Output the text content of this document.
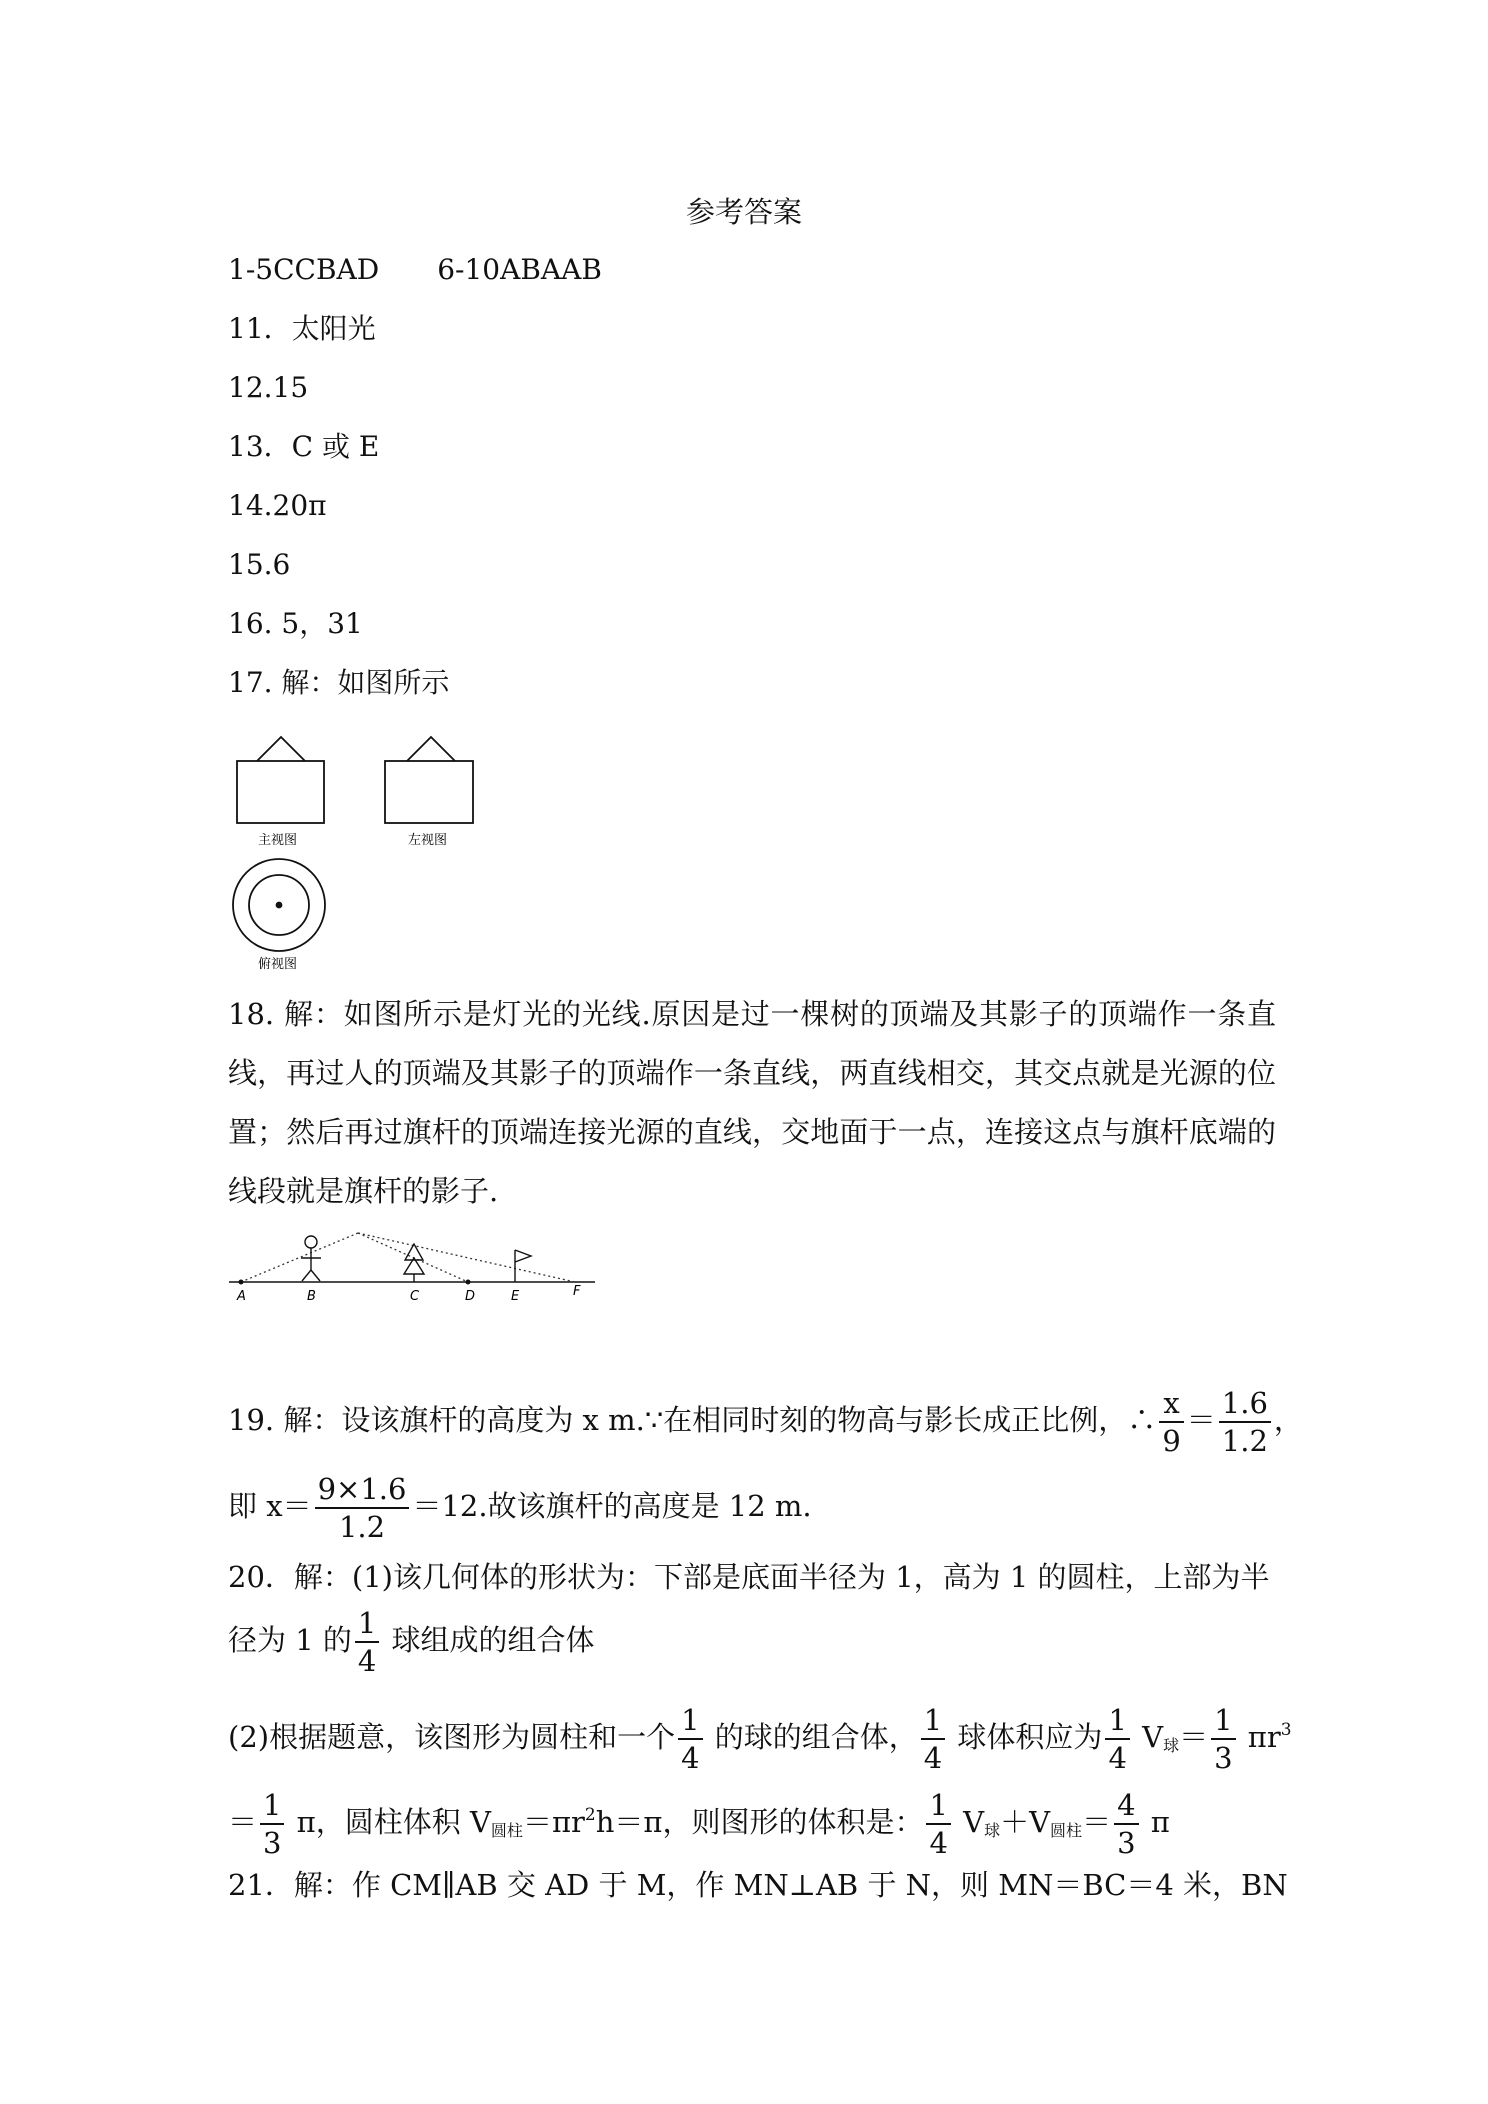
参考答案
1-5CCBAD 6-10ABAAB
11．太阳光
12.15
13．C 或 E
14.20π
15.6
16. 5，31
17. 解：如图所示
主视图	左视图
俯视图
18. 解：如图所示是灯光的光线.原因是过一棵树的顶端及其影子的顶端作一条直线，再过人的顶端及其影子的顶端作一条直线，两直线相交，其交点就是光源的位置；然后再过旗杆的顶端连接光源的直线，交地面于一点，连接这点与旗杆底端的线段就是旗杆的影子.
A	B	C	D	E	F
19. 解：设该旗杆的高度为 x m.∵在相同时刻的物高与影长成正比例，∴ $\frac{x}{9} = \frac{1.6}{1.2}$ ，
即 $x= \frac{9\times 1.6}{1.2} =12$.故该旗杆的高度是 12 m.
20．解：(1)该几何体的形状为：下部是底面半径为 1，高为 1 的圆柱，上部为半
径为 1 的 $\frac{1}{4}$ 球组成的组合体
(2)根据题意，该图形为圆柱和一个 $\frac{1}{4}$ 的球的组合体， $\frac{1}{4}$ 球体积应为 $\frac{1}{4} V_球= \frac{1}{3} \pi r^3$
＝ $\frac{1}{3}$ π，圆柱体积 $V_{圆柱}=\pi r^2h=\pi$，则图形的体积是： $\frac{1}{4} V_球+V_{圆柱}= \frac{4}{3}$ π
21．解：作 CM∥AB 交 AD 于 M，作 MN⊥AB 于 N，则 MN＝BC＝4 米，BN
